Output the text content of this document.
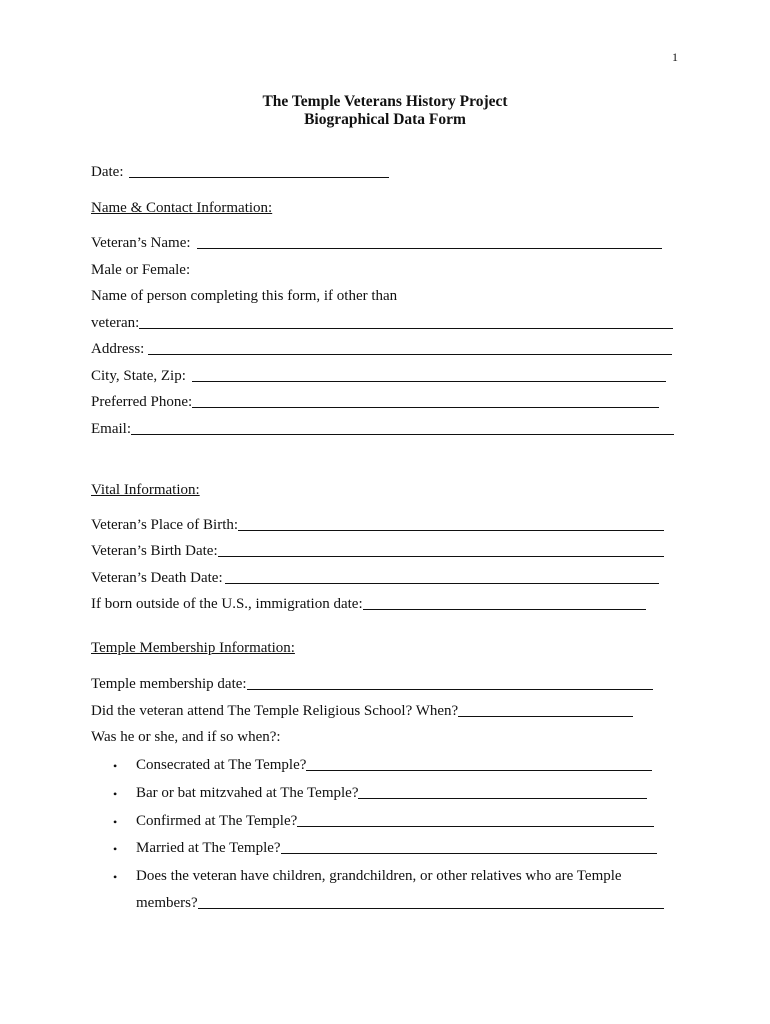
1
The Temple Veterans History Project
Biographical Data Form
Date:
Name & Contact Information:
Veteran’s Name:
Male or Female:
Name of person completing this form, if other than
veteran:
Address:
City, State, Zip:
Preferred Phone:
Email:
Vital Information:
Veteran’s Place of Birth:
Veteran’s Birth Date:
Veteran’s Death Date:
If born outside of the U.S., immigration date:
Temple Membership Information:
Temple membership date:
Did the veteran attend The Temple Religious School? When?
Was he or she, and if so when?:
• Consecrated at The Temple?
• Bar or bat mitzvahed at The Temple?
• Confirmed at The Temple?
• Married at The Temple?
• Does the veteran have children, grandchildren, or other relatives who are Temple
members?
